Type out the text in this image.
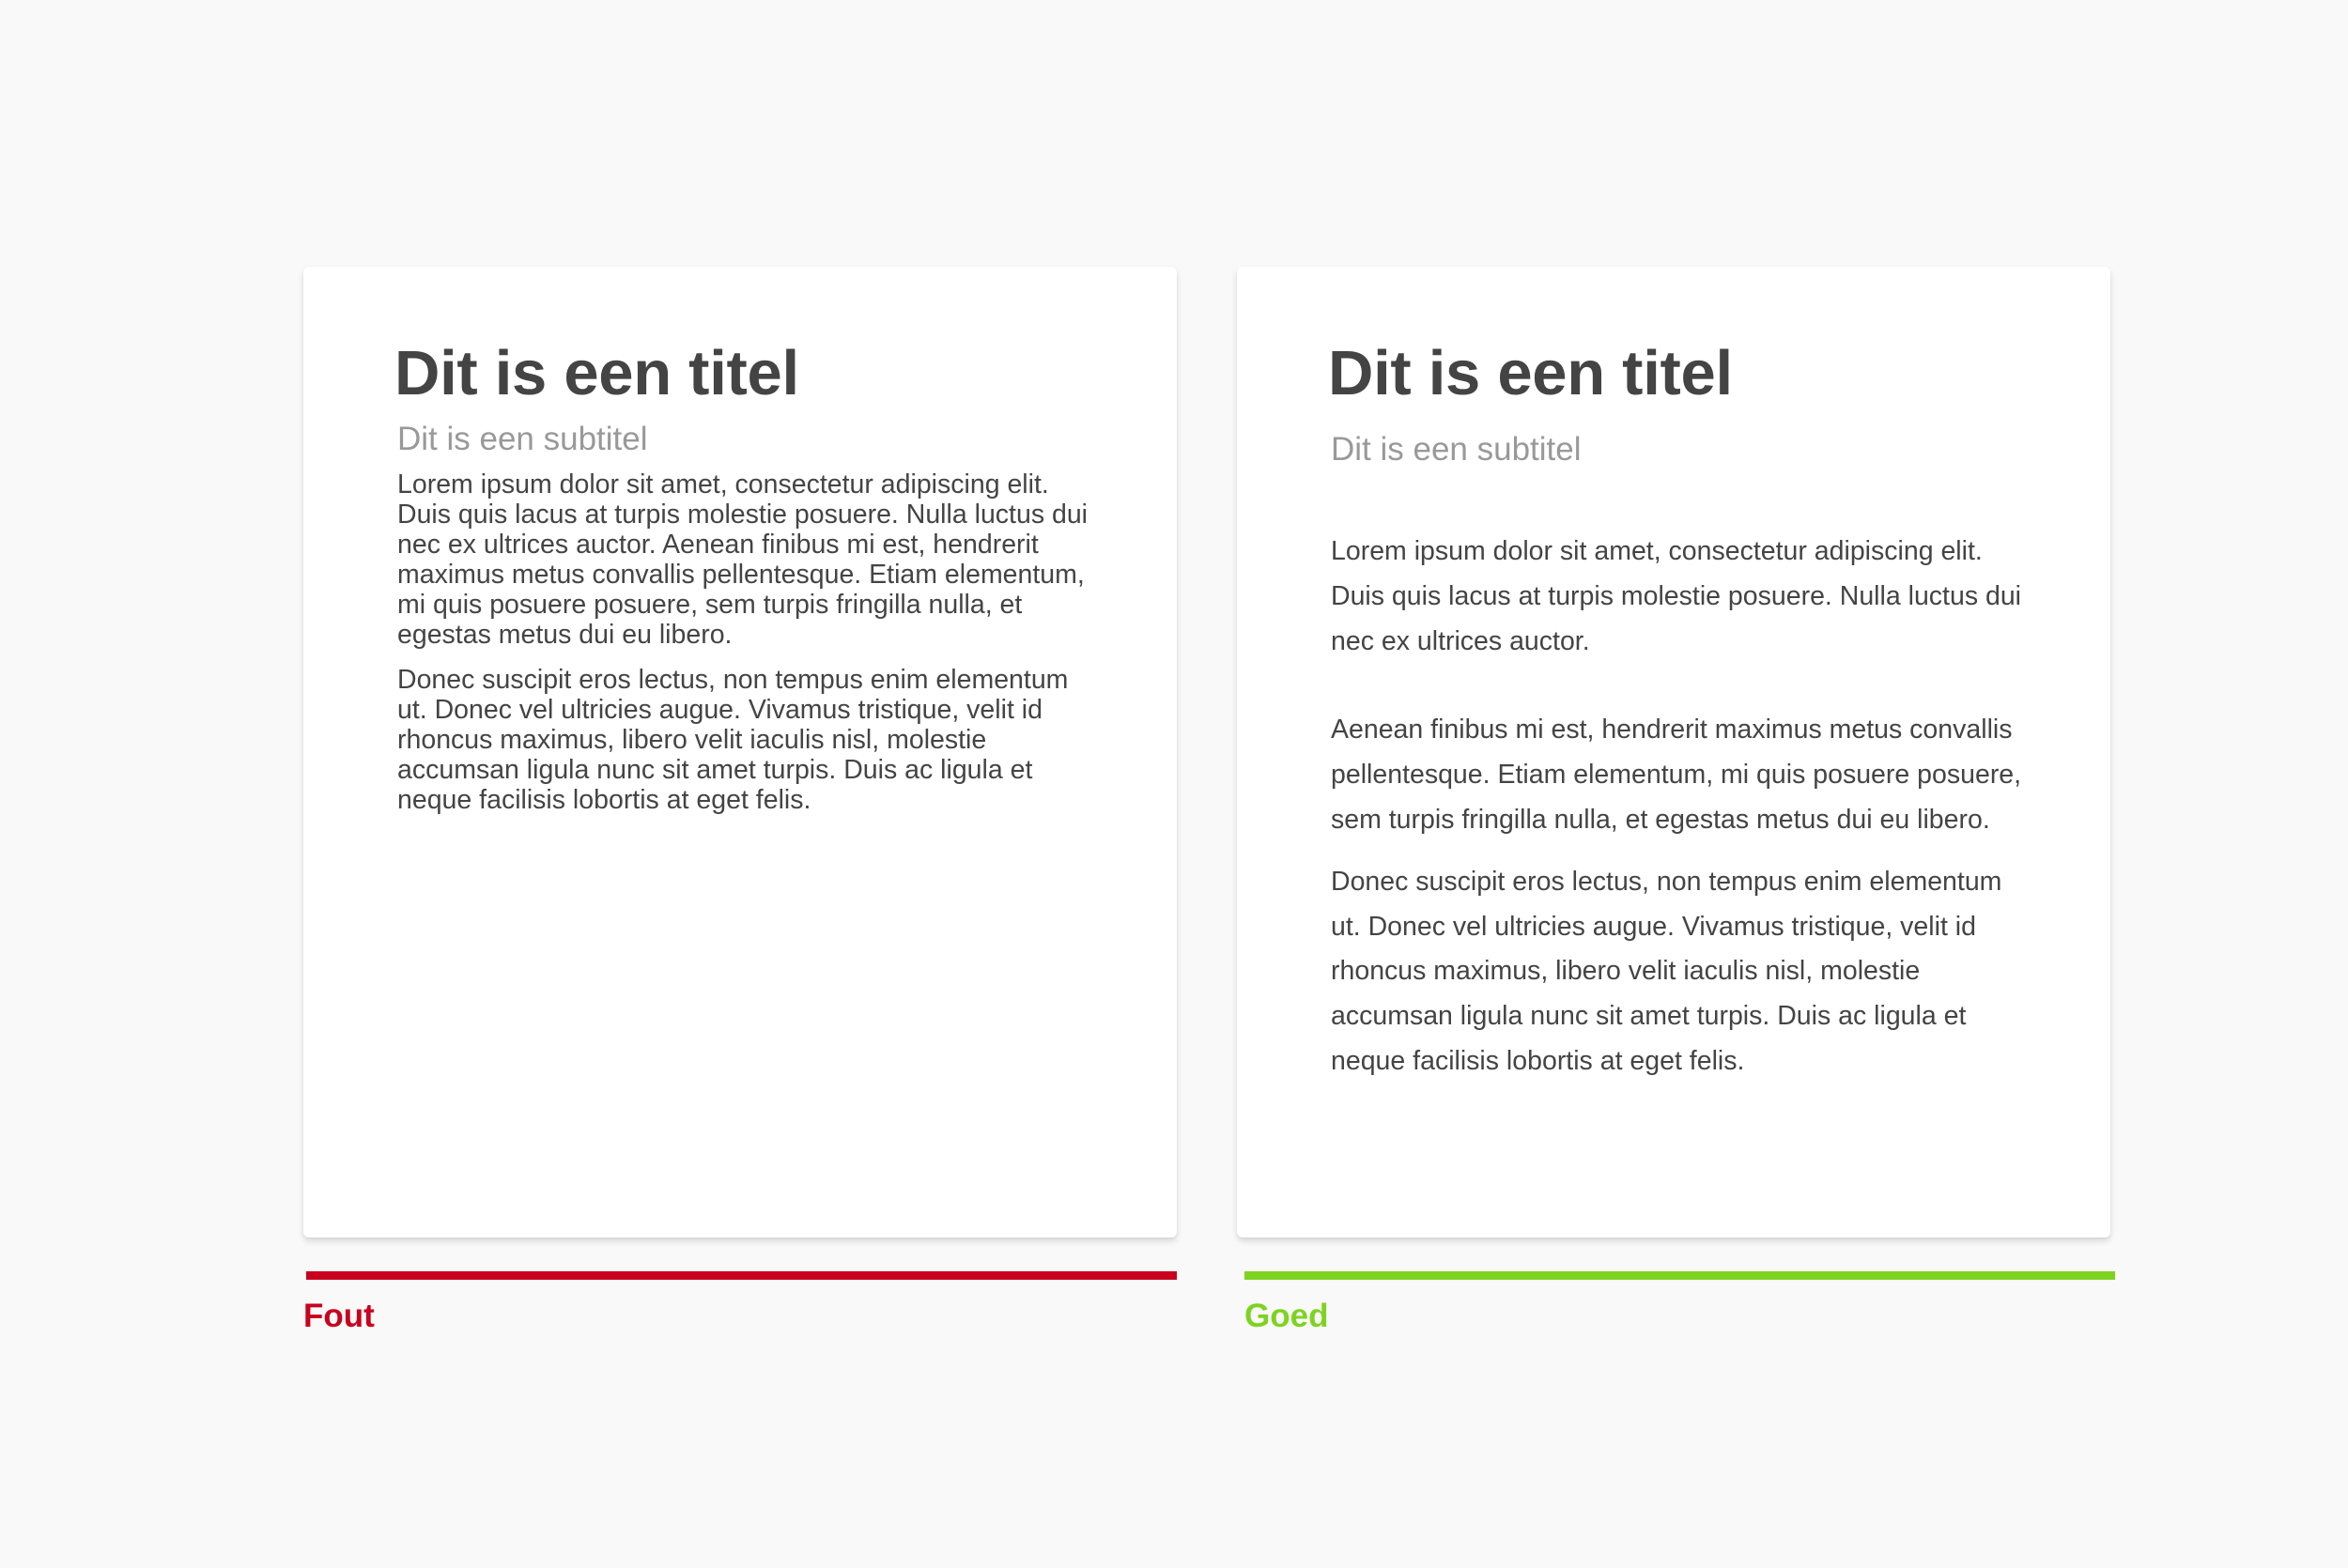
Dit is een titel

Dit is een subtitel

Lorem ipsum dolor sit amet, consectetur adipiscing elit. Duis quis lacus at turpis molestie posuere. Nulla luctus dui nec ex ultrices auctor. Aenean finibus mi est, hendrerit maximus metus convallis pellentesque. Etiam elementum, mi quis posuere posuere, sem turpis fringilla nulla, et egestas metus dui eu libero.

Donec suscipit eros lectus, non tempus enim elementum ut. Donec vel ultricies augue. Vivamus tristique, velit id rhoncus maximus, libero velit iaculis nisl, molestie accumsan ligula nunc sit amet turpis. Duis ac ligula et neque facilisis lobortis at eget felis.

Dit is een titel

Dit is een subtitel

Lorem ipsum dolor sit amet, consectetur adipiscing elit. Duis quis lacus at turpis molestie posuere. Nulla luctus dui nec ex ultrices auctor.

Aenean finibus mi est, hendrerit maximus metus convallis pellentesque. Etiam elementum, mi quis posuere posuere, sem turpis fringilla nulla, et egestas metus dui eu libero.

Donec suscipit eros lectus, non tempus enim elementum ut. Donec vel ultricies augue. Vivamus tristique, velit id rhoncus maximus, libero velit iaculis nisl, molestie accumsan ligula nunc sit amet turpis. Duis ac ligula et neque facilisis lobortis at eget felis.

Fout	Goed
